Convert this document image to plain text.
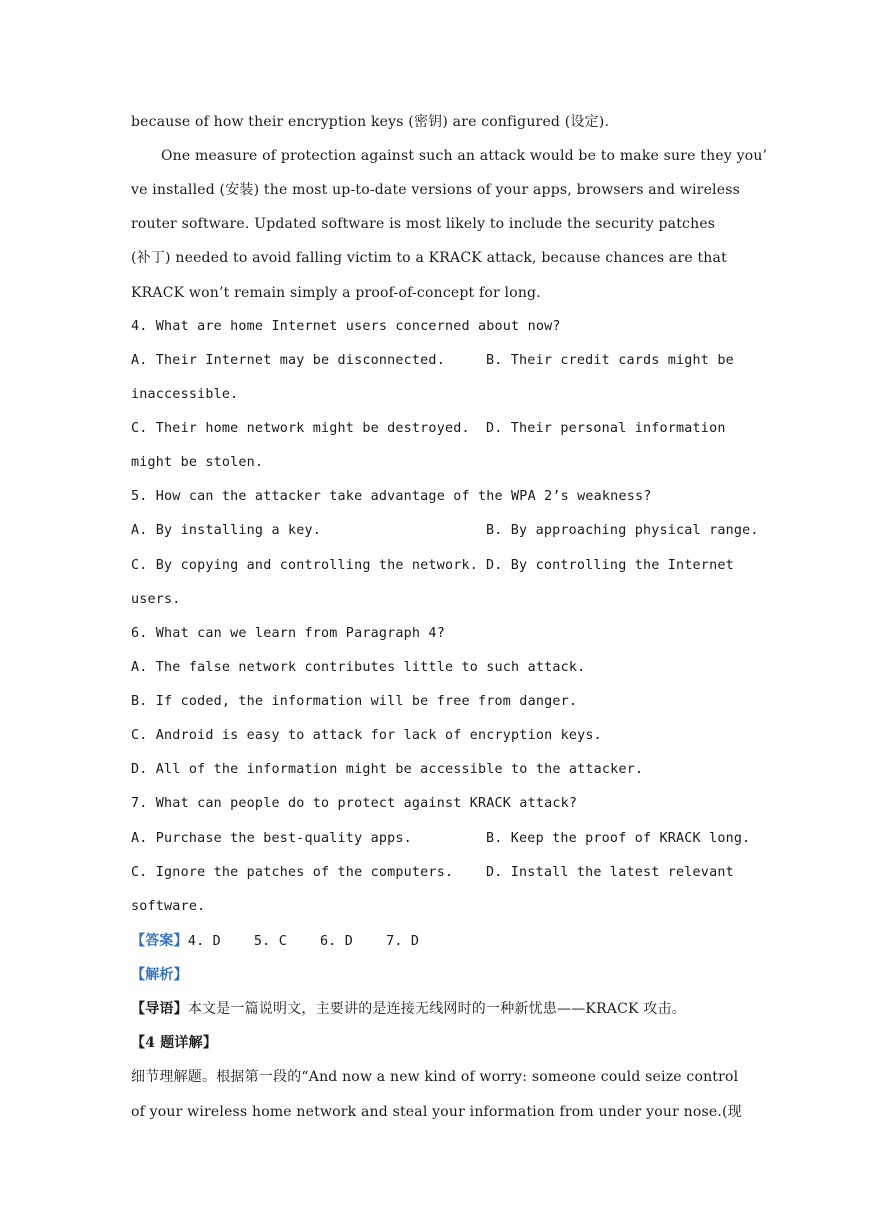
because of how their encryption keys (密钥) are configured (设定).
One measure of protection against such an attack would be to make sure they you’
ve installed (安装) the most up-to-date versions of your apps, browsers and wireless
router software. Updated software is most likely to include the security patches
(补丁) needed to avoid falling victim to a KRACK attack, because chances are that
KRACK won’t remain simply a proof-of-concept for long.
4. What are home Internet users concerned about now?
A. Their Internet may be disconnected.	B. Their credit cards might be
inaccessible.
C. Their home network might be destroyed. D. Their personal information
might be stolen.
5. How can the attacker take advantage of the WPA 2’s weakness?
A. By installing a key.	B. By approaching physical range.
C. By copying and controlling the network. D. By controlling the Internet
users.
6. What can we learn from Paragraph 4?
A. The false network contributes little to such attack.
B. If coded, the information will be free from danger.
C. Android is easy to attack for lack of encryption keys.
D. All of the information might be accessible to the attacker.
7. What can people do to protect against KRACK attack?
A. Purchase the best-quality apps.	B. Keep the proof of KRACK long.
C. Ignore the patches of the computers. D. Install the latest relevant
software.
【答案】4. D    5. C    6. D    7. D
【解析】
【导语】本文是一篇说明文，主要讲的是连接无线网时的一种新忧患——KRACK 攻击。
【4 题详解】
细节理解题。根据第一段的“And now a new kind of worry: someone could seize control
of your wireless home network and steal your information from under your nose.(现
